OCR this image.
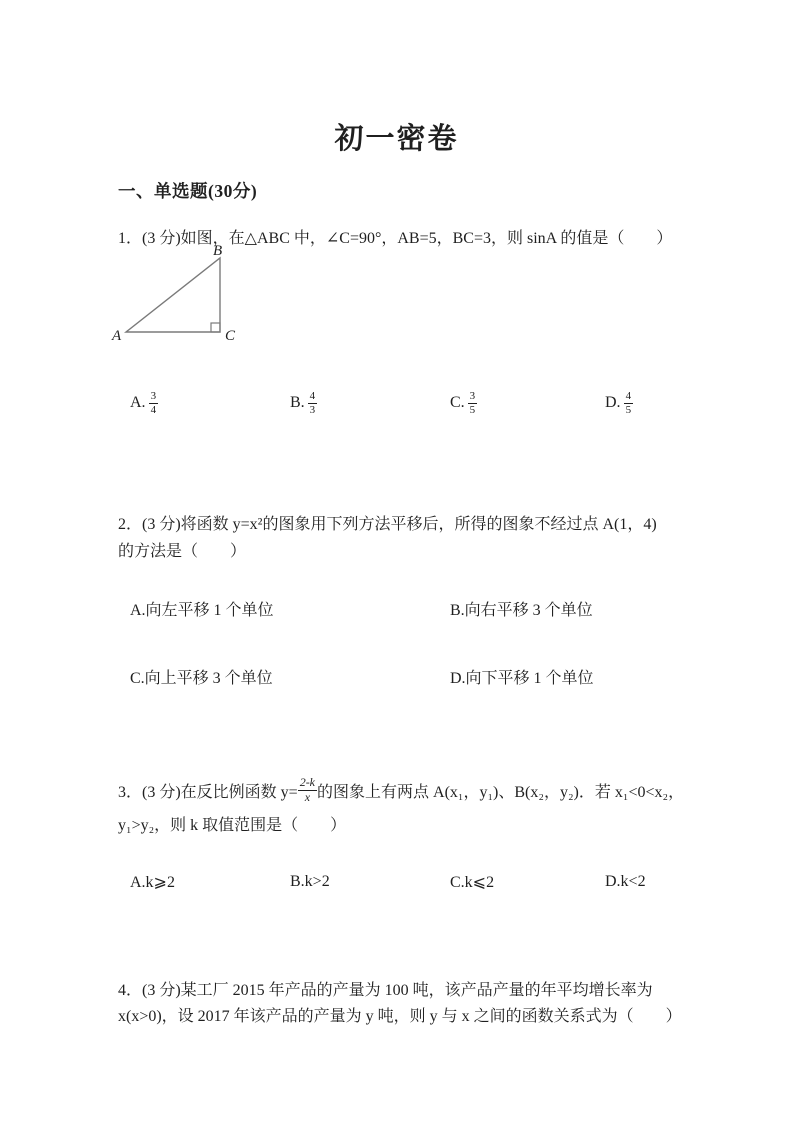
初一密卷
一、单选题(30分)
1．(3 分)如图，在△ABC 中，∠C=90°，AB=5，BC=3，则 sinA 的值是（　　）
A
B
C
A. $\frac{3}{4}$	B. $\frac{4}{3}$	C. $\frac{3}{5}$	D. $\frac{4}{5}$
2．(3 分)将函数 y=x²的图象用下列方法平移后，所得的图象不经过点 A(1，4)
的方法是（　　）
A.向左平移 1 个单位	B.向右平移 3 个单位
C.向上平移 3 个单位	D.向下平移 1 个单位
3．(3 分)在反比例函数 $y= \frac{2-k}{x}$ 的图象上有两点 A(x₁，y₁)、B(x₂，y₂)．若 x₁<0<x₂，
y₁>y₂，则 k 取值范围是（　　）
A.k⩾2	B.k>2	C.k⩽2	D.k<2
4．(3 分)某工厂 2015 年产品的产量为 100 吨，该产品产量的年平均增长率为
x(x>0)，设 2017 年该产品的产量为 y 吨，则 y 与 x 之间的函数关系式为（　　）
